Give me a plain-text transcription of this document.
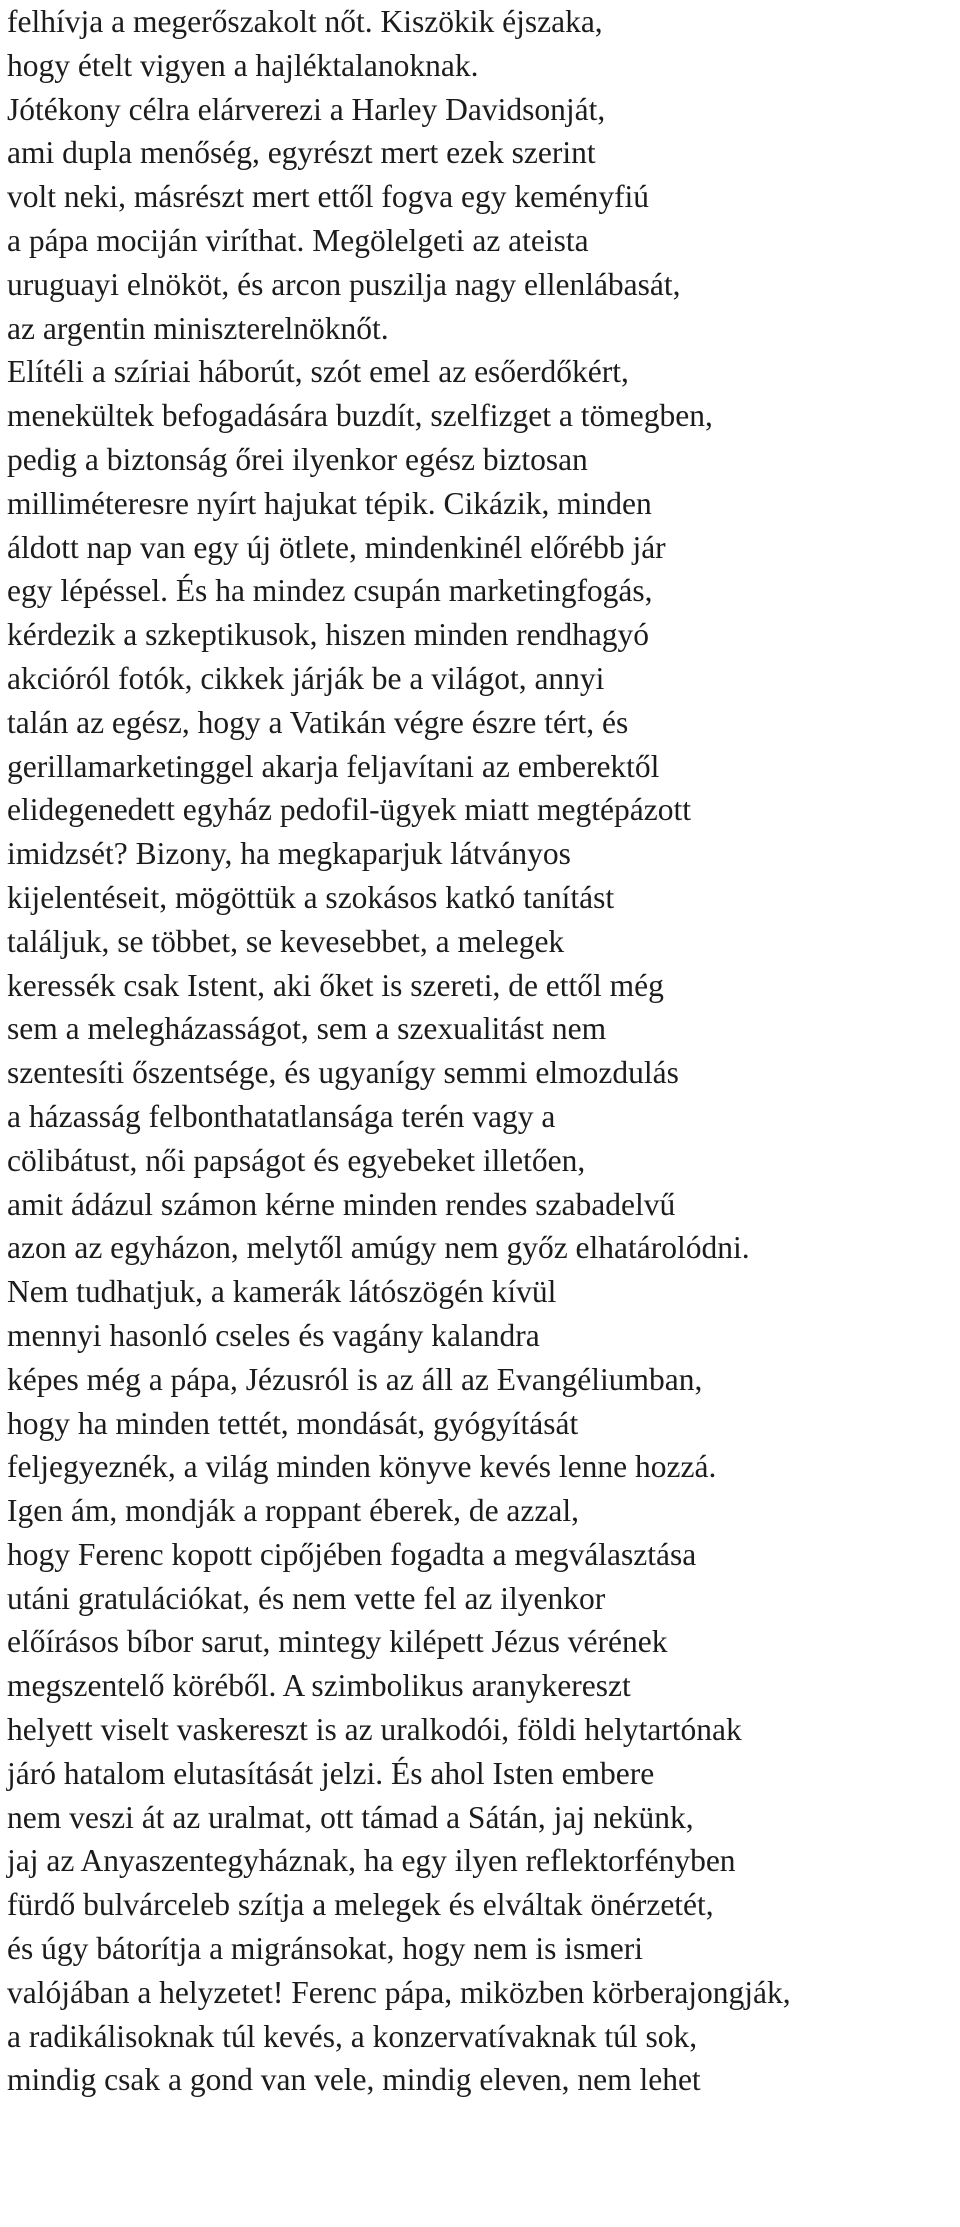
felhívja a megerőszakolt nőt. Kiszökik éjszaka,
hogy ételt vigyen a hajléktalanoknak.
Jótékony célra elárverezi a Harley Davidsonját,
ami dupla menőség, egyrészt mert ezek szerint
volt neki, másrészt mert ettől fogva egy keményfiú
a pápa mociján viríthat. Megölelgeti az ateista
uruguayi elnököt, és arcon puszilja nagy ellenlábasát,
az argentin miniszterelnöknőt.
Elítéli a szíriai háborút, szót emel az esőerdőkért,
menekültek befogadására buzdít, szelfizget a tömegben,
pedig a biztonság őrei ilyenkor egész biztosan
milliméteresre nyírt hajukat tépik. Cikázik, minden
áldott nap van egy új ötlete, mindenkinél előrébb jár
egy lépéssel. És ha mindez csupán marketingfogás,
kérdezik a szkeptikusok, hiszen minden rendhagyó
akcióról fotók, cikkek járják be a világot, annyi
talán az egész, hogy a Vatikán végre észre tért, és
gerillamarketinggel akarja feljavítani az emberektől
elidegenedett egyház pedofil-ügyek miatt megtépázott
imidzsét? Bizony, ha megkaparjuk látványos
kijelentéseit, mögöttük a szokásos katkó tanítást
találjuk, se többet, se kevesebbet, a melegek
keressék csak Istent, aki őket is szereti, de ettől még
sem a melegházasságot, sem a szexualitást nem
szentesíti őszentsége, és ugyanígy semmi elmozdulás
a házasság felbonthatatlansága terén vagy a
cölibátust, női papságot és egyebeket illetően,
amit ádázul számon kérne minden rendes szabadelvű
azon az egyházon, melytől amúgy nem győz elhatárolódni.
Nem tudhatjuk, a kamerák látószögén kívül
mennyi hasonló cseles és vagány kalandra
képes még a pápa, Jézusról is az áll az Evangéliumban,
hogy ha minden tettét, mondását, gyógyítását
feljegyeznék, a világ minden könyve kevés lenne hozzá.
Igen ám, mondják a roppant éberek, de azzal,
hogy Ferenc kopott cipőjében fogadta a megválasztása
utáni gratulációkat, és nem vette fel az ilyenkor
előírásos bíbor sarut, mintegy kilépett Jézus vérének
megszentelő köréből. A szimbolikus aranykereszt
helyett viselt vaskereszt is az uralkodói, földi helytartónak
járó hatalom elutasítását jelzi. És ahol Isten embere
nem veszi át az uralmat, ott támad a Sátán, jaj nekünk,
jaj az Anyaszentegyháznak, ha egy ilyen reflektorfényben
fürdő bulvárceleb szítja a melegek és elváltak önérzetét,
és úgy bátorítja a migránsokat, hogy nem is ismeri
valójában a helyzetet! Ferenc pápa, miközben körberajongják,
a radikálisoknak túl kevés, a konzervatívaknak túl sok,
mindig csak a gond van vele, mindig eleven, nem lehet
